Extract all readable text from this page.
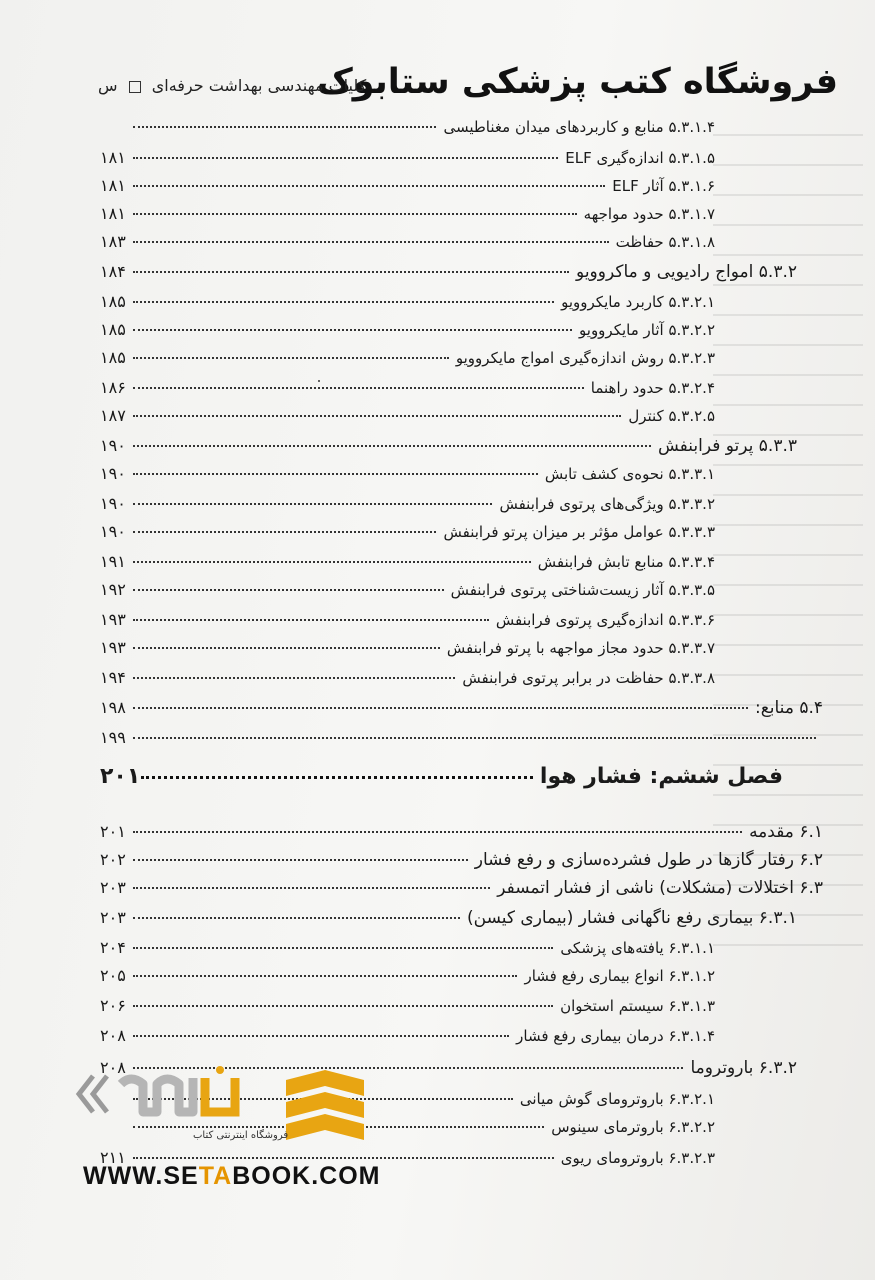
فروشگاه کتب پزشکی ستابوک
کلیات مهندسی بهداشت حرفه‌ای  س
۵.۳.۱.۴ منابع و کاربردهای میدان مغناطیسی
۵.۳.۱.۵ اندازه‌گیری ELF
۱۸۱
۵.۳.۱.۶ آثار ELF
۱۸۱
۵.۳.۱.۷ حدود مواجهه
۱۸۱
۵.۳.۱.۸ حفاظت
۱۸۳
۵.۳.۲ امواج رادیویی و ماکروویو
۱۸۴
۵.۳.۲.۱ کاربرد مایکروویو
۱۸۵
۵.۳.۲.۲ آثار مایکروویو
۱۸۵
۵.۳.۲.۳ روش اندازه‌گیری امواج مایکروویو
۱۸۵
۵.۳.۲.۴ حدود راهنما
۱۸۶
۵.۳.۲.۵ کنترل
۱۸۷
۵.۳.۳ پرتو فرابنفش
۱۹۰
۵.۳.۳.۱ نحوه‌ی کشف تابش
۱۹۰
۵.۳.۳.۲ ویژگی‌های پرتوی فرابنفش
۱۹۰
۵.۳.۳.۳ عوامل مؤثر بر میزان پرتو فرابنفش
۱۹۰
۵.۳.۳.۴ منابع تابش فرابنفش
۱۹۱
۵.۳.۳.۵ آثار زیست‌شناختی پرتوی فرابنفش
۱۹۲
۵.۳.۳.۶ اندازه‌گیری پرتوی فرابنفش
۱۹۳
۵.۳.۳.۷ حدود مجاز مواجهه با پرتو فرابنفش
۱۹۳
۵.۳.۳.۸ حفاظت در برابر پرتوی فرابنفش
۱۹۴
۵.۴ منابع:
۱۹۸
۱۹۹
فصل ششم: فشار هوا
۲۰۱
۶.۱ مقدمه
۲۰۱
۶.۲ رفتار گازها در طول فشرده‌سازی و رفع فشار
۲۰۲
۶.۳ اختلالات (مشکلات) ناشی از فشار اتمسفر
۲۰۳
۶.۳.۱ بیماری رفع ناگهانی فشار (بیماری کیسن)
۲۰۳
۶.۳.۱.۱ یافته‌های پزشکی
۲۰۴
۶.۳.۱.۲ انواع بیماری رفع فشار
۲۰۵
۶.۳.۱.۳ سیستم استخوان
۲۰۶
۶.۳.۱.۴ درمان بیماری رفع فشار
۲۰۸
۶.۳.۲ باروتروما
۲۰۸
۶.۳.۲.۱ باروترومای گوش میانی
۶.۳.۲.۲ باروترمای سینوس
۶.۳.۲.۳ باروترومای ریوی
۲۱۱
فروشگاه اینترنتی کتاب
WWW.SETABOOK.COM
